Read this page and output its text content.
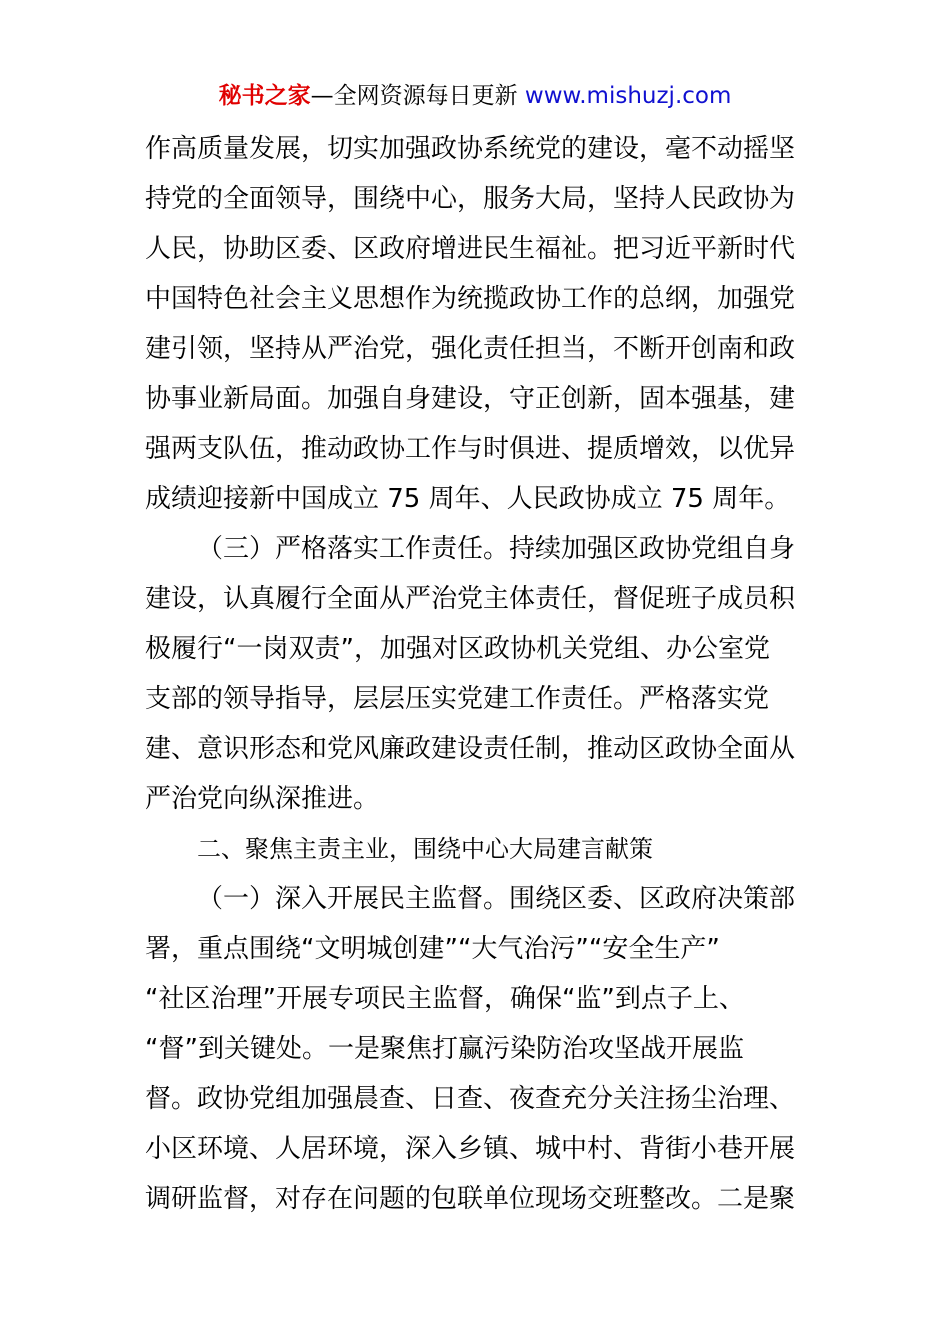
秘书之家—全网资源每日更新 www.mishuzj.com
作高质量发展，切实加强政协系统党的建设，毫不动摇坚
持党的全面领导，围绕中心，服务大局，坚持人民政协为
人民，协助区委、区政府增进民生福祉。把习近平新时代
中国特色社会主义思想作为统揽政协工作的总纲，加强党
建引领，坚持从严治党，强化责任担当，不断开创南和政
协事业新局面。加强自身建设，守正创新，固本强基，建
强两支队伍，推动政协工作与时俱进、提质增效，以优异
成绩迎接新中国成立 75 周年、人民政协成立 75 周年。
（三）严格落实工作责任。持续加强区政协党组自身
建设，认真履行全面从严治党主体责任，督促班子成员积
极履行“一岗双责”，加强对区政协机关党组、办公室党
支部的领导指导，层层压实党建工作责任。严格落实党
建、意识形态和党风廉政建设责任制，推动区政协全面从
严治党向纵深推进。
二、聚焦主责主业，围绕中心大局建言献策
（一）深入开展民主监督。围绕区委、区政府决策部
署，重点围绕“文明城创建”“大气治污”“安全生产”
“社区治理”开展专项民主监督，确保“监”到点子上、
“督”到关键处。一是聚焦打赢污染防治攻坚战开展监
督。政协党组加强晨查、日查、夜查充分关注扬尘治理、
小区环境、人居环境，深入乡镇、城中村、背街小巷开展
调研监督，对存在问题的包联单位现场交班整改。二是聚
